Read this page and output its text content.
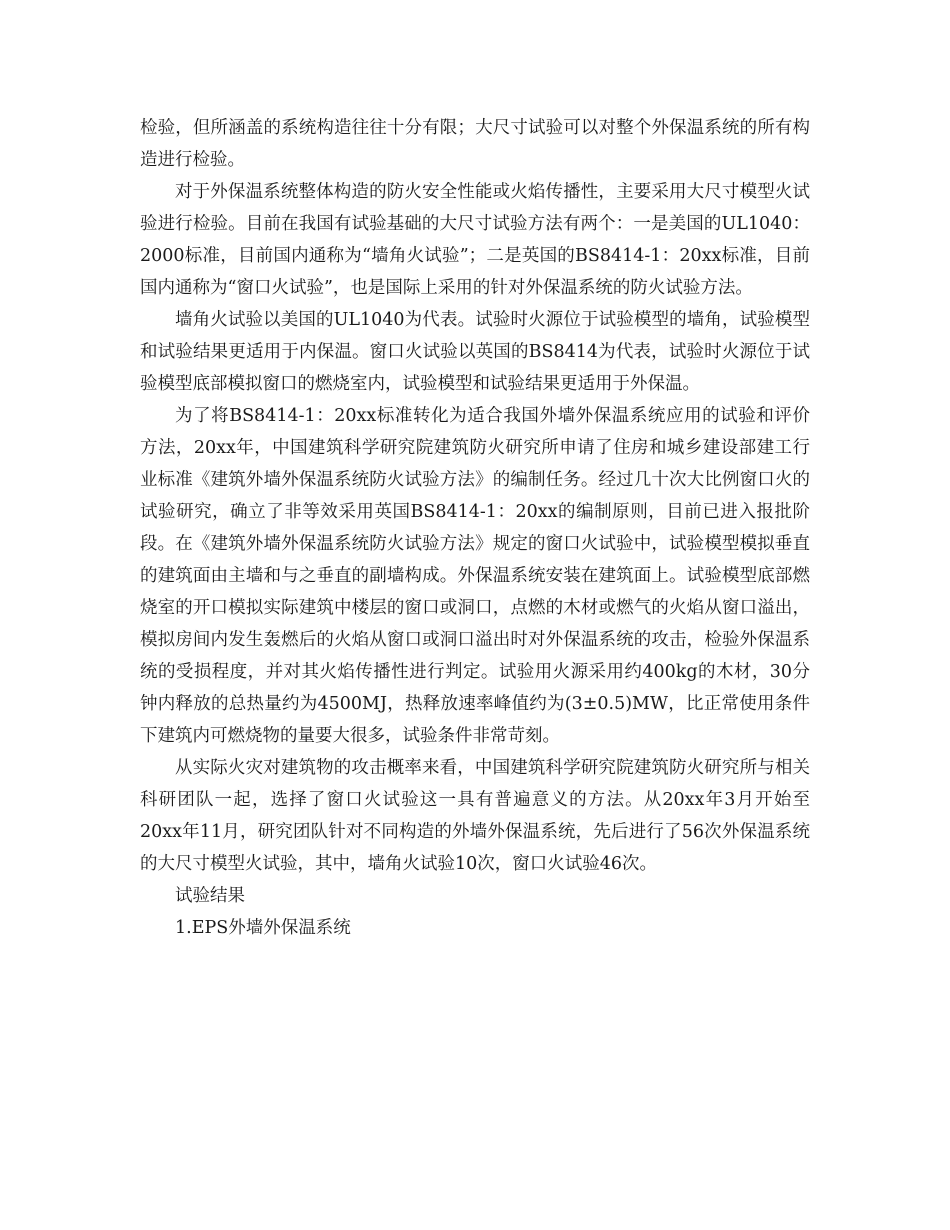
检验，但所涵盖的系统构造往往十分有限；大尺寸试验可以对整个外保温系统的所有构造进行检验。

对于外保温系统整体构造的防火安全性能或火焰传播性，主要采用大尺寸模型火试验进行检验。目前在我国有试验基础的大尺寸试验方法有两个：一是美国的UL1040：2000标准，目前国内通称为“墙角火试验”；二是英国的BS8414-1：20xx标准，目前国内通称为“窗口火试验”，也是国际上采用的针对外保温系统的防火试验方法。

墙角火试验以美国的UL1040为代表。试验时火源位于试验模型的墙角，试验模型和试验结果更适用于内保温。窗口火试验以英国的BS8414为代表，试验时火源位于试验模型底部模拟窗口的燃烧室内，试验模型和试验结果更适用于外保温。

为了将BS8414-1：20xx标准转化为适合我国外墙外保温系统应用的试验和评价方法，20xx年，中国建筑科学研究院建筑防火研究所申请了住房和城乡建设部建工行业标准《建筑外墙外保温系统防火试验方法》的编制任务。经过几十次大比例窗口火的试验研究，确立了非等效采用英国BS8414-1：20xx的编制原则，目前已进入报批阶段。在《建筑外墙外保温系统防火试验方法》规定的窗口火试验中，试验模型模拟垂直的建筑面由主墙和与之垂直的副墙构成。外保温系统安装在建筑面上。试验模型底部燃烧室的开口模拟实际建筑中楼层的窗口或洞口，点燃的木材或燃气的火焰从窗口溢出，模拟房间内发生轰燃后的火焰从窗口或洞口溢出时对外保温系统的攻击，检验外保温系统的受损程度，并对其火焰传播性进行判定。试验用火源采用约400kg的木材，30分钟内释放的总热量约为4500MJ，热释放速率峰值约为(3±0.5)MW，比正常使用条件下建筑内可燃烧物的量要大很多，试验条件非常苛刻。

从实际火灾对建筑物的攻击概率来看，中国建筑科学研究院建筑防火研究所与相关科研团队一起，选择了窗口火试验这一具有普遍意义的方法。从20xx年3月开始至20xx年11月，研究团队针对不同构造的外墙外保温系统，先后进行了56次外保温系统的大尺寸模型火试验，其中，墙角火试验10次，窗口火试验46次。

试验结果

1.EPS外墙外保温系统
